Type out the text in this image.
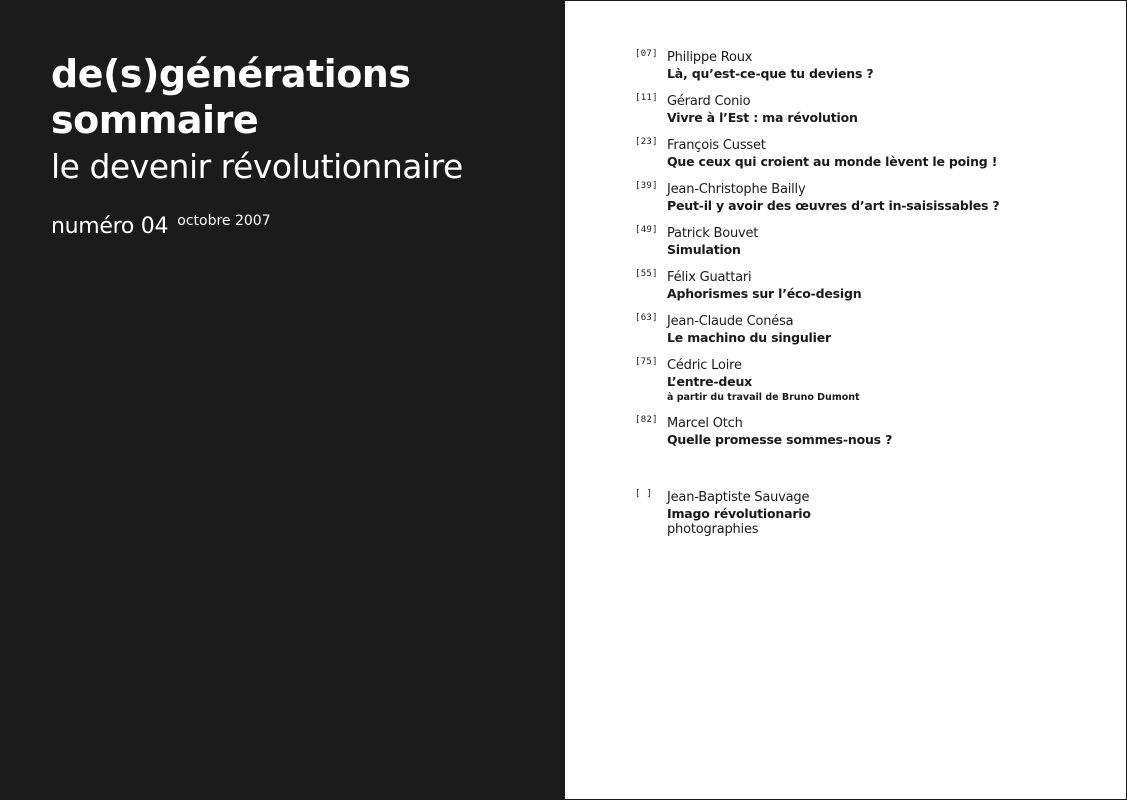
de(s)générations
sommaire
le devenir révolutionnaire
numéro 04 octobre 2007
[07] Philippe Roux
Là, qu’est-ce-que tu deviens ?
[11] Gérard Conio
Vivre à l’Est : ma révolution
[23] François Cusset
Que ceux qui croient au monde lèvent le poing !
[39] Jean-Christophe Bailly
Peut-il y avoir des œuvres d’art in-saisissables ?
[49] Patrick Bouvet
Simulation
[55] Félix Guattari
Aphorismes sur l’éco-design
[63] Jean-Claude Conésa
Le machino du singulier
[75] Cédric Loire
L’entre-deux
à partir du travail de Bruno Dumont
[82] Marcel Otch
Quelle promesse sommes-nous ?
[ ] Jean-Baptiste Sauvage
Imago révolutionario
photographies
